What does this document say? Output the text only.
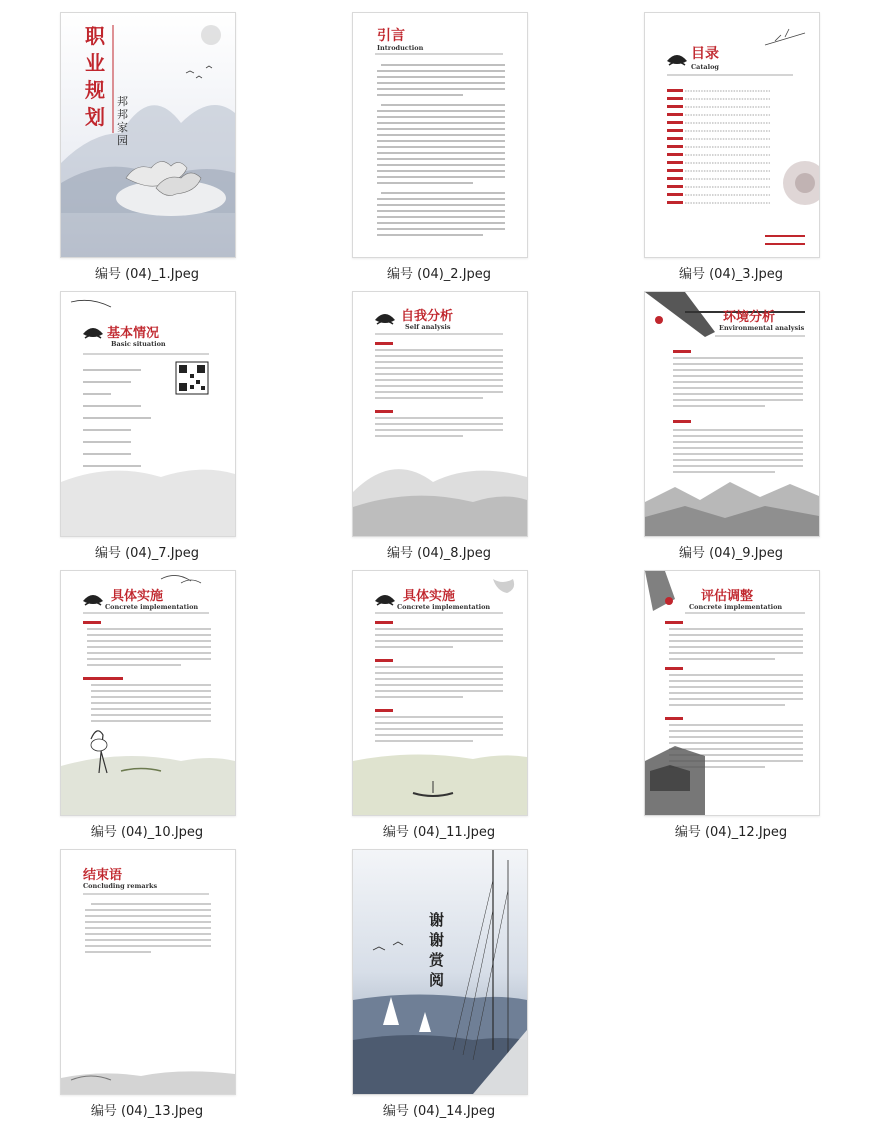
职业规划
邦邦家园
编号 (04)_1.Jpeg
引言
Introduction
编号 (04)_2.Jpeg
目录
Catalog
编号 (04)_3.Jpeg
基本情况
Basic situation
编号 (04)_7.Jpeg
自我分析
Self analysis
编号 (04)_8.Jpeg
环境分析
Environmental analysis
编号 (04)_9.Jpeg
具体实施
Concrete implementation
编号 (04)_10.Jpeg
具体实施
Concrete implementation
编号 (04)_11.Jpeg
评估调整
Concrete implementation
编号 (04)_12.Jpeg
结束语
Concluding remarks
编号 (04)_13.Jpeg
谢谢赏阅
编号 (04)_14.Jpeg
